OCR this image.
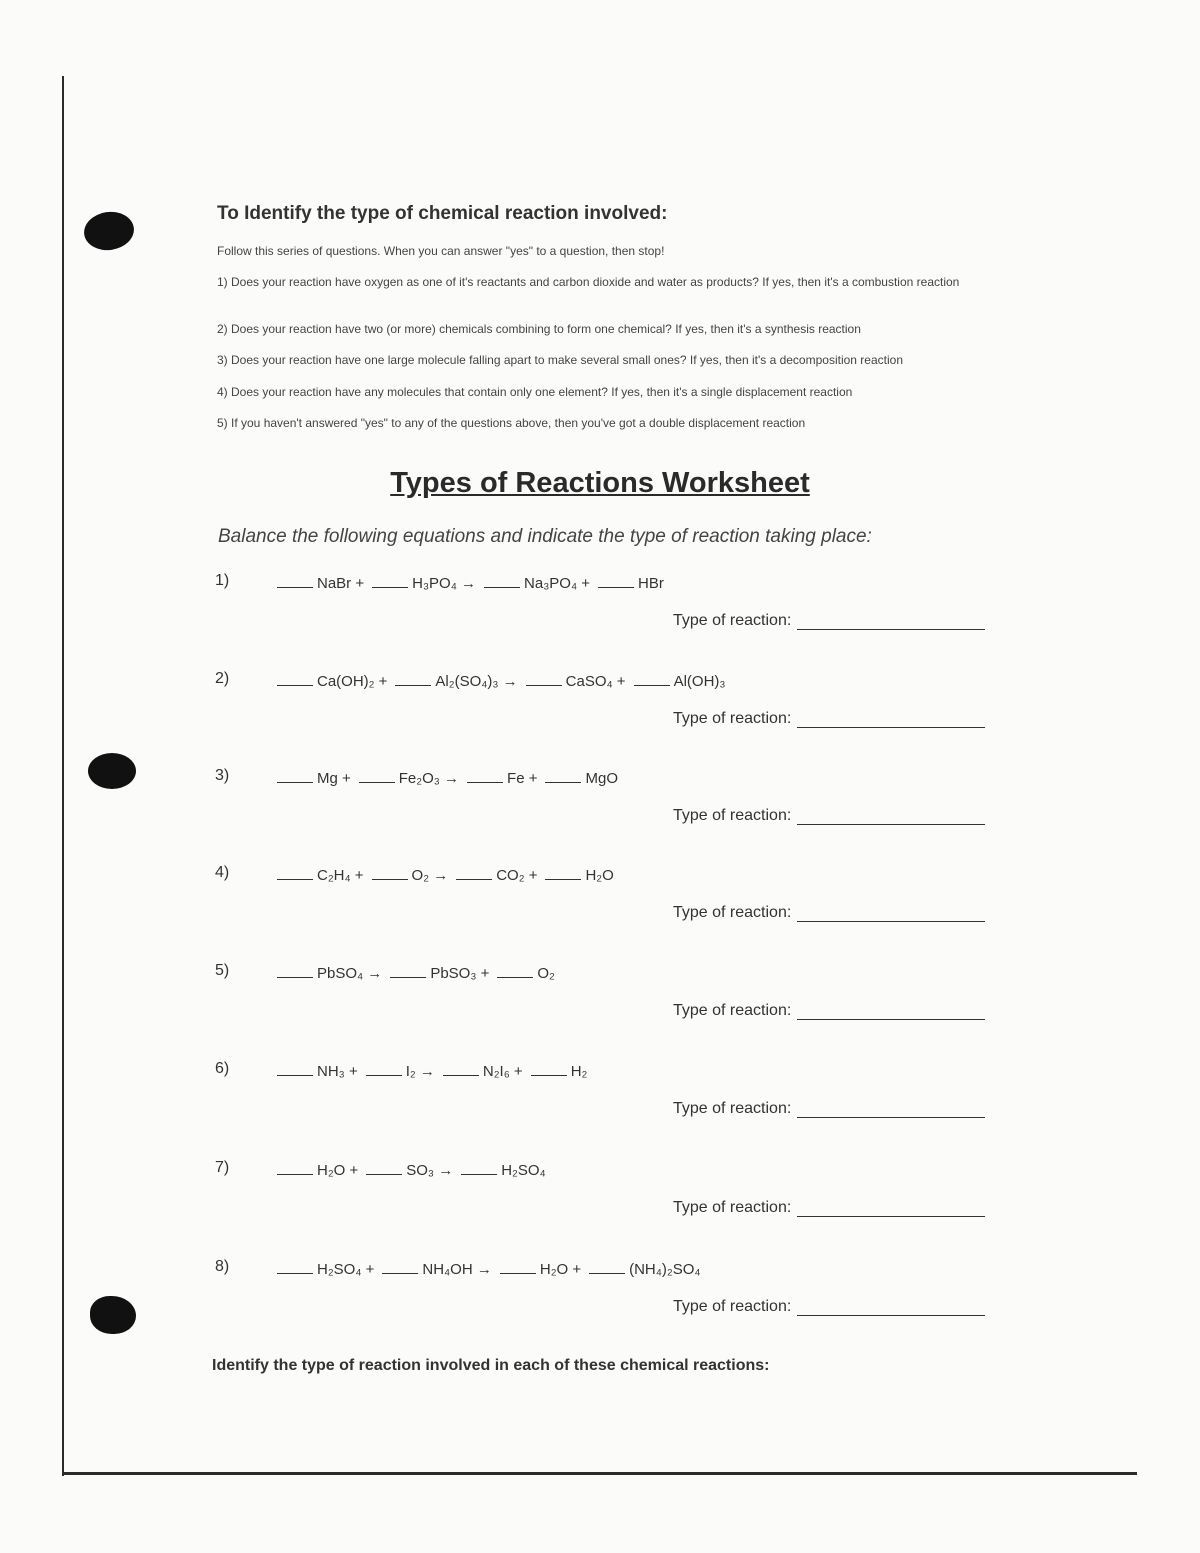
To Identify the type of chemical reaction involved:
Follow this series of questions. When you can answer "yes" to a question, then stop!
1) Does your reaction have oxygen as one of it's reactants and carbon dioxide and water as products? If yes, then it's a combustion reaction
2) Does your reaction have two (or more) chemicals combining to form one chemical? If yes, then it's a synthesis reaction
3) Does your reaction have one large molecule falling apart to make several small ones? If yes, then it's a decomposition reaction
4) Does your reaction have any molecules that contain only one element? If yes, then it's a single displacement reaction
5) If you haven't answered "yes" to any of the questions above, then you've got a double displacement reaction
Types of Reactions Worksheet
Balance the following equations and indicate the type of reaction taking place:
1)	NaBr +	H₃PO₄ →	Na₃PO₄ +	HBr
Type of reaction:
2)	Ca(OH)₂ +	Al₂(SO₄)₃ →	CaSO₄ +	Al(OH)₃
Type of reaction:
3)	Mg +	Fe₂O₃ →	Fe +	MgO
Type of reaction:
4)	C₂H₄ +	O₂ →	CO₂ +	H₂O
Type of reaction:
5)	PbSO₄ →	PbSO₃ +	O₂
Type of reaction:
6)	NH₃ +	I₂ →	N₂I₆ +	H₂
Type of reaction:
7)	H₂O +	SO₃ →	H₂SO₄
Type of reaction:
8)	H₂SO₄ +	NH₄OH →	H₂O +	(NH₄)₂SO₄
Type of reaction:
Identify the type of reaction involved in each of these chemical reactions:
